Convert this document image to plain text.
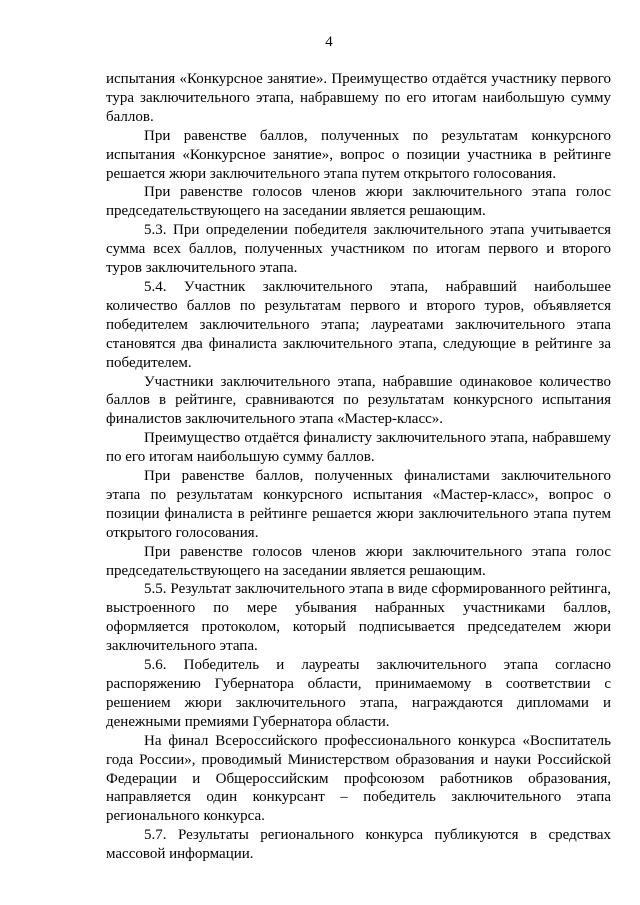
4

испытания «Конкурсное занятие». Преимущество отдаётся участнику первого тура заключительного этапа, набравшему по его итогам наибольшую сумму баллов.

При равенстве баллов, полученных по результатам конкурсного испытания «Конкурсное занятие», вопрос о позиции участника в рейтинге решается жюри заключительного этапа путем открытого голосования.

При равенстве голосов членов жюри заключительного этапа голос председательствующего на заседании является решающим.

5.3. При определении победителя заключительного этапа учитывается сумма всех баллов, полученных участником по итогам первого и второго туров заключительного этапа.

5.4. Участник заключительного этапа, набравший наибольшее количество баллов по результатам первого и второго туров, объявляется победителем заключительного этапа; лауреатами заключительного этапа становятся два финалиста заключительного этапа, следующие в рейтинге за победителем.

Участники заключительного этапа, набравшие одинаковое количество баллов в рейтинге, сравниваются по результатам конкурсного испытания финалистов заключительного этапа «Мастер-класс».

Преимущество отдаётся финалисту заключительного этапа, набравшему по его итогам наибольшую сумму баллов.

При равенстве баллов, полученных финалистами заключительного этапа по результатам конкурсного испытания «Мастер-класс», вопрос о позиции финалиста в рейтинге решается жюри заключительного этапа путем открытого голосования.

При равенстве голосов членов жюри заключительного этапа голос председательствующего на заседании является решающим.

5.5. Результат заключительного этапа в виде сформированного рейтинга, выстроенного по мере убывания набранных участниками баллов, оформляется протоколом, который подписывается председателем жюри заключительного этапа.

5.6. Победитель и лауреаты заключительного этапа согласно распоряжению Губернатора области, принимаемому в соответствии с решением жюри заключительного этапа, награждаются дипломами и денежными премиями Губернатора области.

На финал Всероссийского профессионального конкурса «Воспитатель года России», проводимый Министерством образования и науки Российской Федерации и Общероссийским профсоюзом работников образования, направляется один конкурсант – победитель заключительного этапа регионального конкурса.

5.7. Результаты регионального конкурса публикуются в средствах массовой информации.
